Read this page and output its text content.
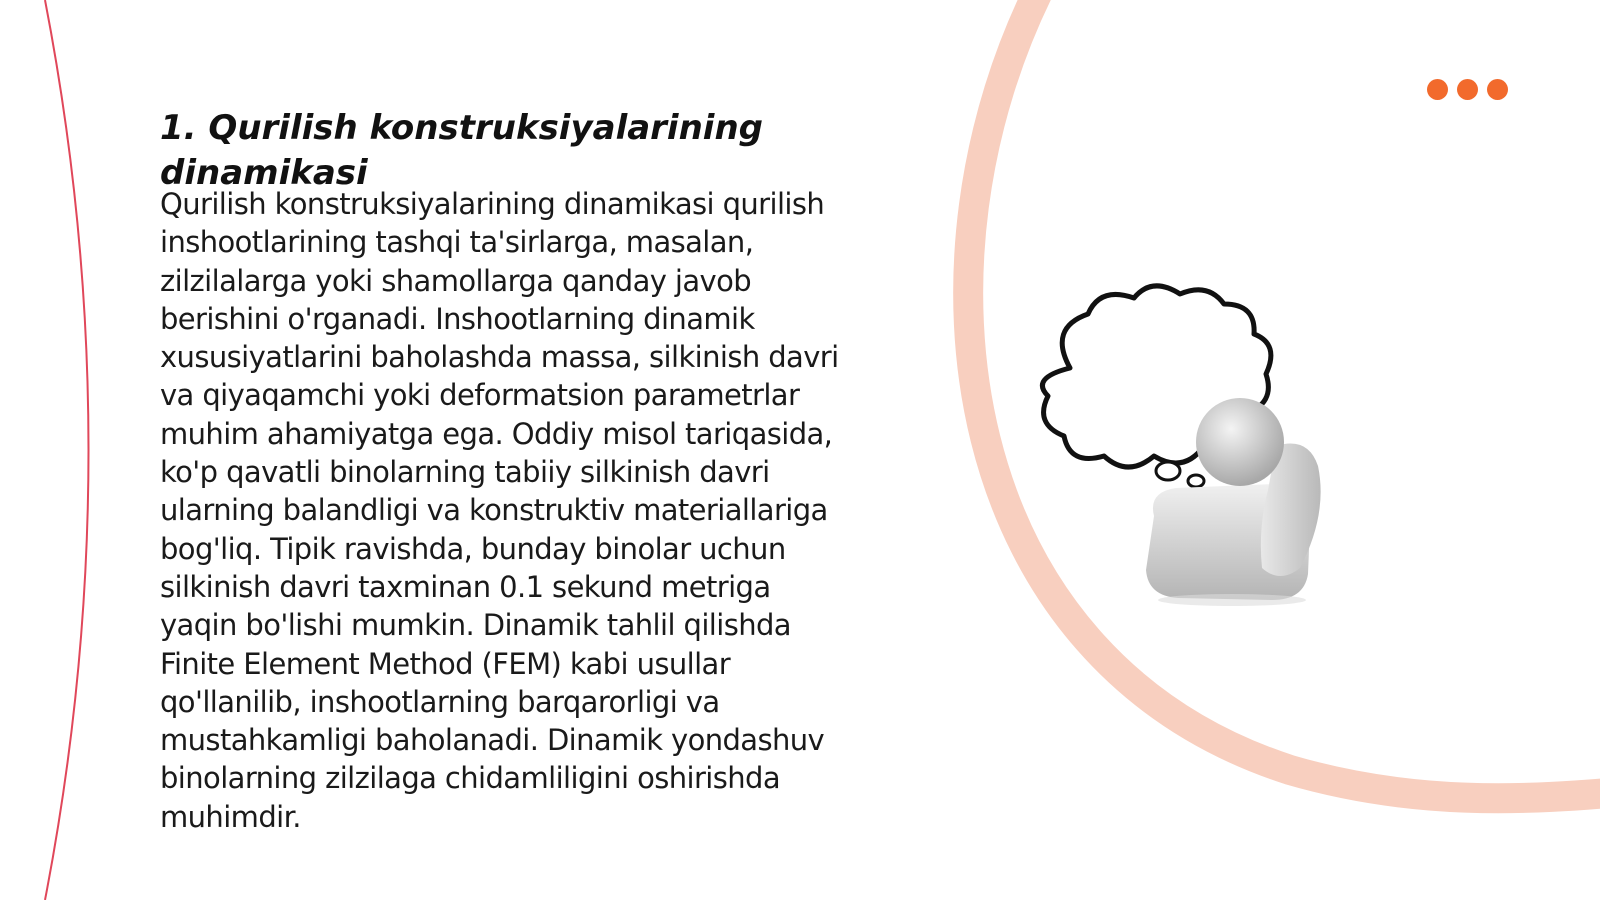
1. Qurilish konstruksiyalarining dinamikasi

Qurilish konstruksiyalarining dinamikasi qurilish inshootlarining tashqi ta'sirlarga, masalan, zilzilalarga yoki shamollarga qanday javob berishini o'rganadi. Inshootlarning dinamik xususiyatlarini baholashda massa, silkinish davri va qiyaqamchi yoki deformatsion parametrlar muhim ahamiyatga ega. Oddiy misol tariqasida, ko'p qavatli binolarning tabiiy silkinish davri ularning balandligi va konstruktiv materiallariga bog'liq. Tipik ravishda, bunday binolar uchun silkinish davri taxminan 0.1 sekund metriga yaqin bo'lishi mumkin. Dinamik tahlil qilishda Finite Element Method (FEM) kabi usullar qo'llanilib, inshootlarning barqarorligi va mustahkamligi baholanadi. Dinamik yondashuv binolarning zilzilaga chidamliligini oshirishda muhimdir.
